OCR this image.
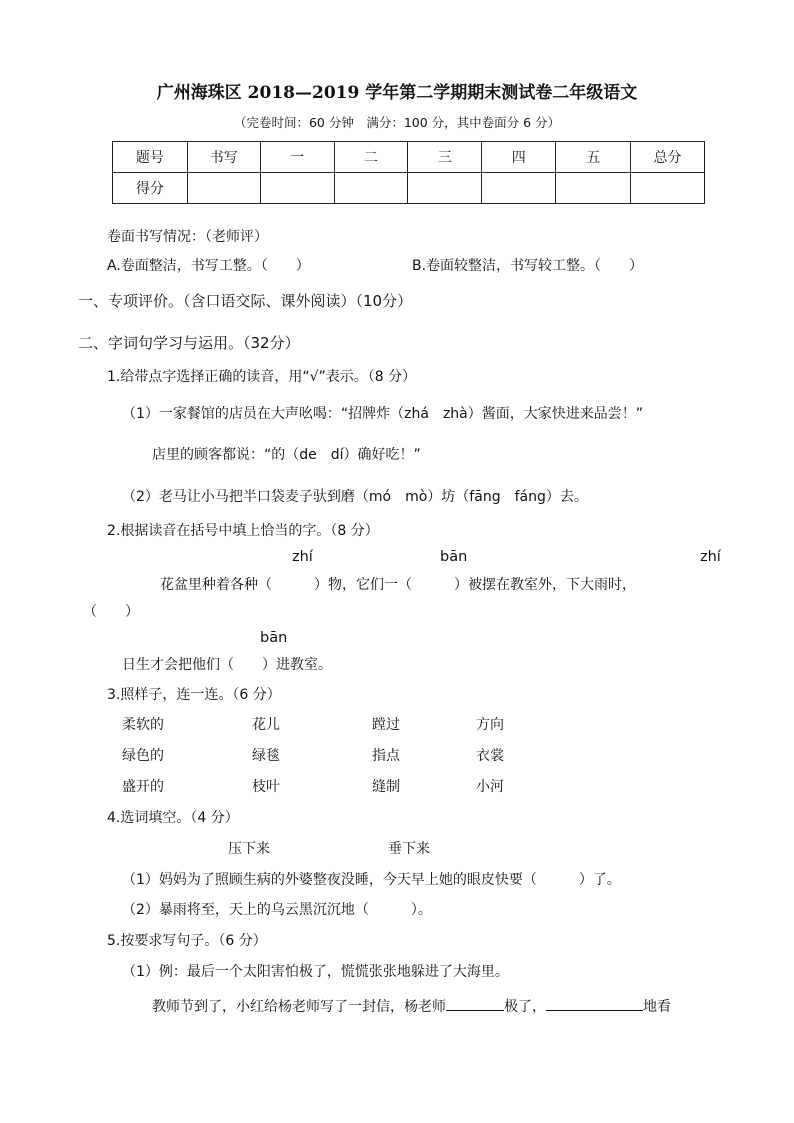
广州海珠区 2018—2019 学年第二学期期末测试卷二年级语文
（完卷时间：60 分钟　满分：100 分，其中卷面分 6 分）
题号	书写	一	二	三	四	五	总分
得分							
卷面书写情况：（老师评）
A.卷面整洁，书写工整。（　　）	B.卷面较整洁，书写较工整。（　　）
一、专项评价。（含口语交际、课外阅读）（10分）
二、字词句学习与运用。（32分）
1.给带点字选择正确的读音，用“√”表示。（8 分）
（1）一家餐馆的店员在大声吆喝：“招牌炸（zhá　zhà）酱面，大家快进来品尝！”
店里的顾客都说：“的（de　dí）确好吃！”
（2）老马让小马把半口袋麦子驮到磨（mó　mò）坊（fāng　fáng）去。
2.根据读音在括号中填上恰当的字。（8 分）
zhí	bān	zhí
花盆里种着各种（　　　）物，它们一（　　　）被摆在教室外，下大雨时，
（　　）
bān
日生才会把他们（　　）进教室。
3.照样子，连一连。（6 分）
柔软的	花儿	蹚过	方向
绿色的	绿毯	指点	衣裳
盛开的	枝叶	缝制	小河
4.选词填空。（4 分）
压下来	垂下来
（1）妈妈为了照顾生病的外婆整夜没睡，今天早上她的眼皮快要（　　　）了。
（2）暴雨将至，天上的乌云黑沉沉地（　　　）。
5.按要求写句子。（6 分）
（1）例：最后一个太阳害怕极了，慌慌张张地躲进了大海里。
教师节到了，小红给杨老师写了一封信，杨老师	极了，	地看
